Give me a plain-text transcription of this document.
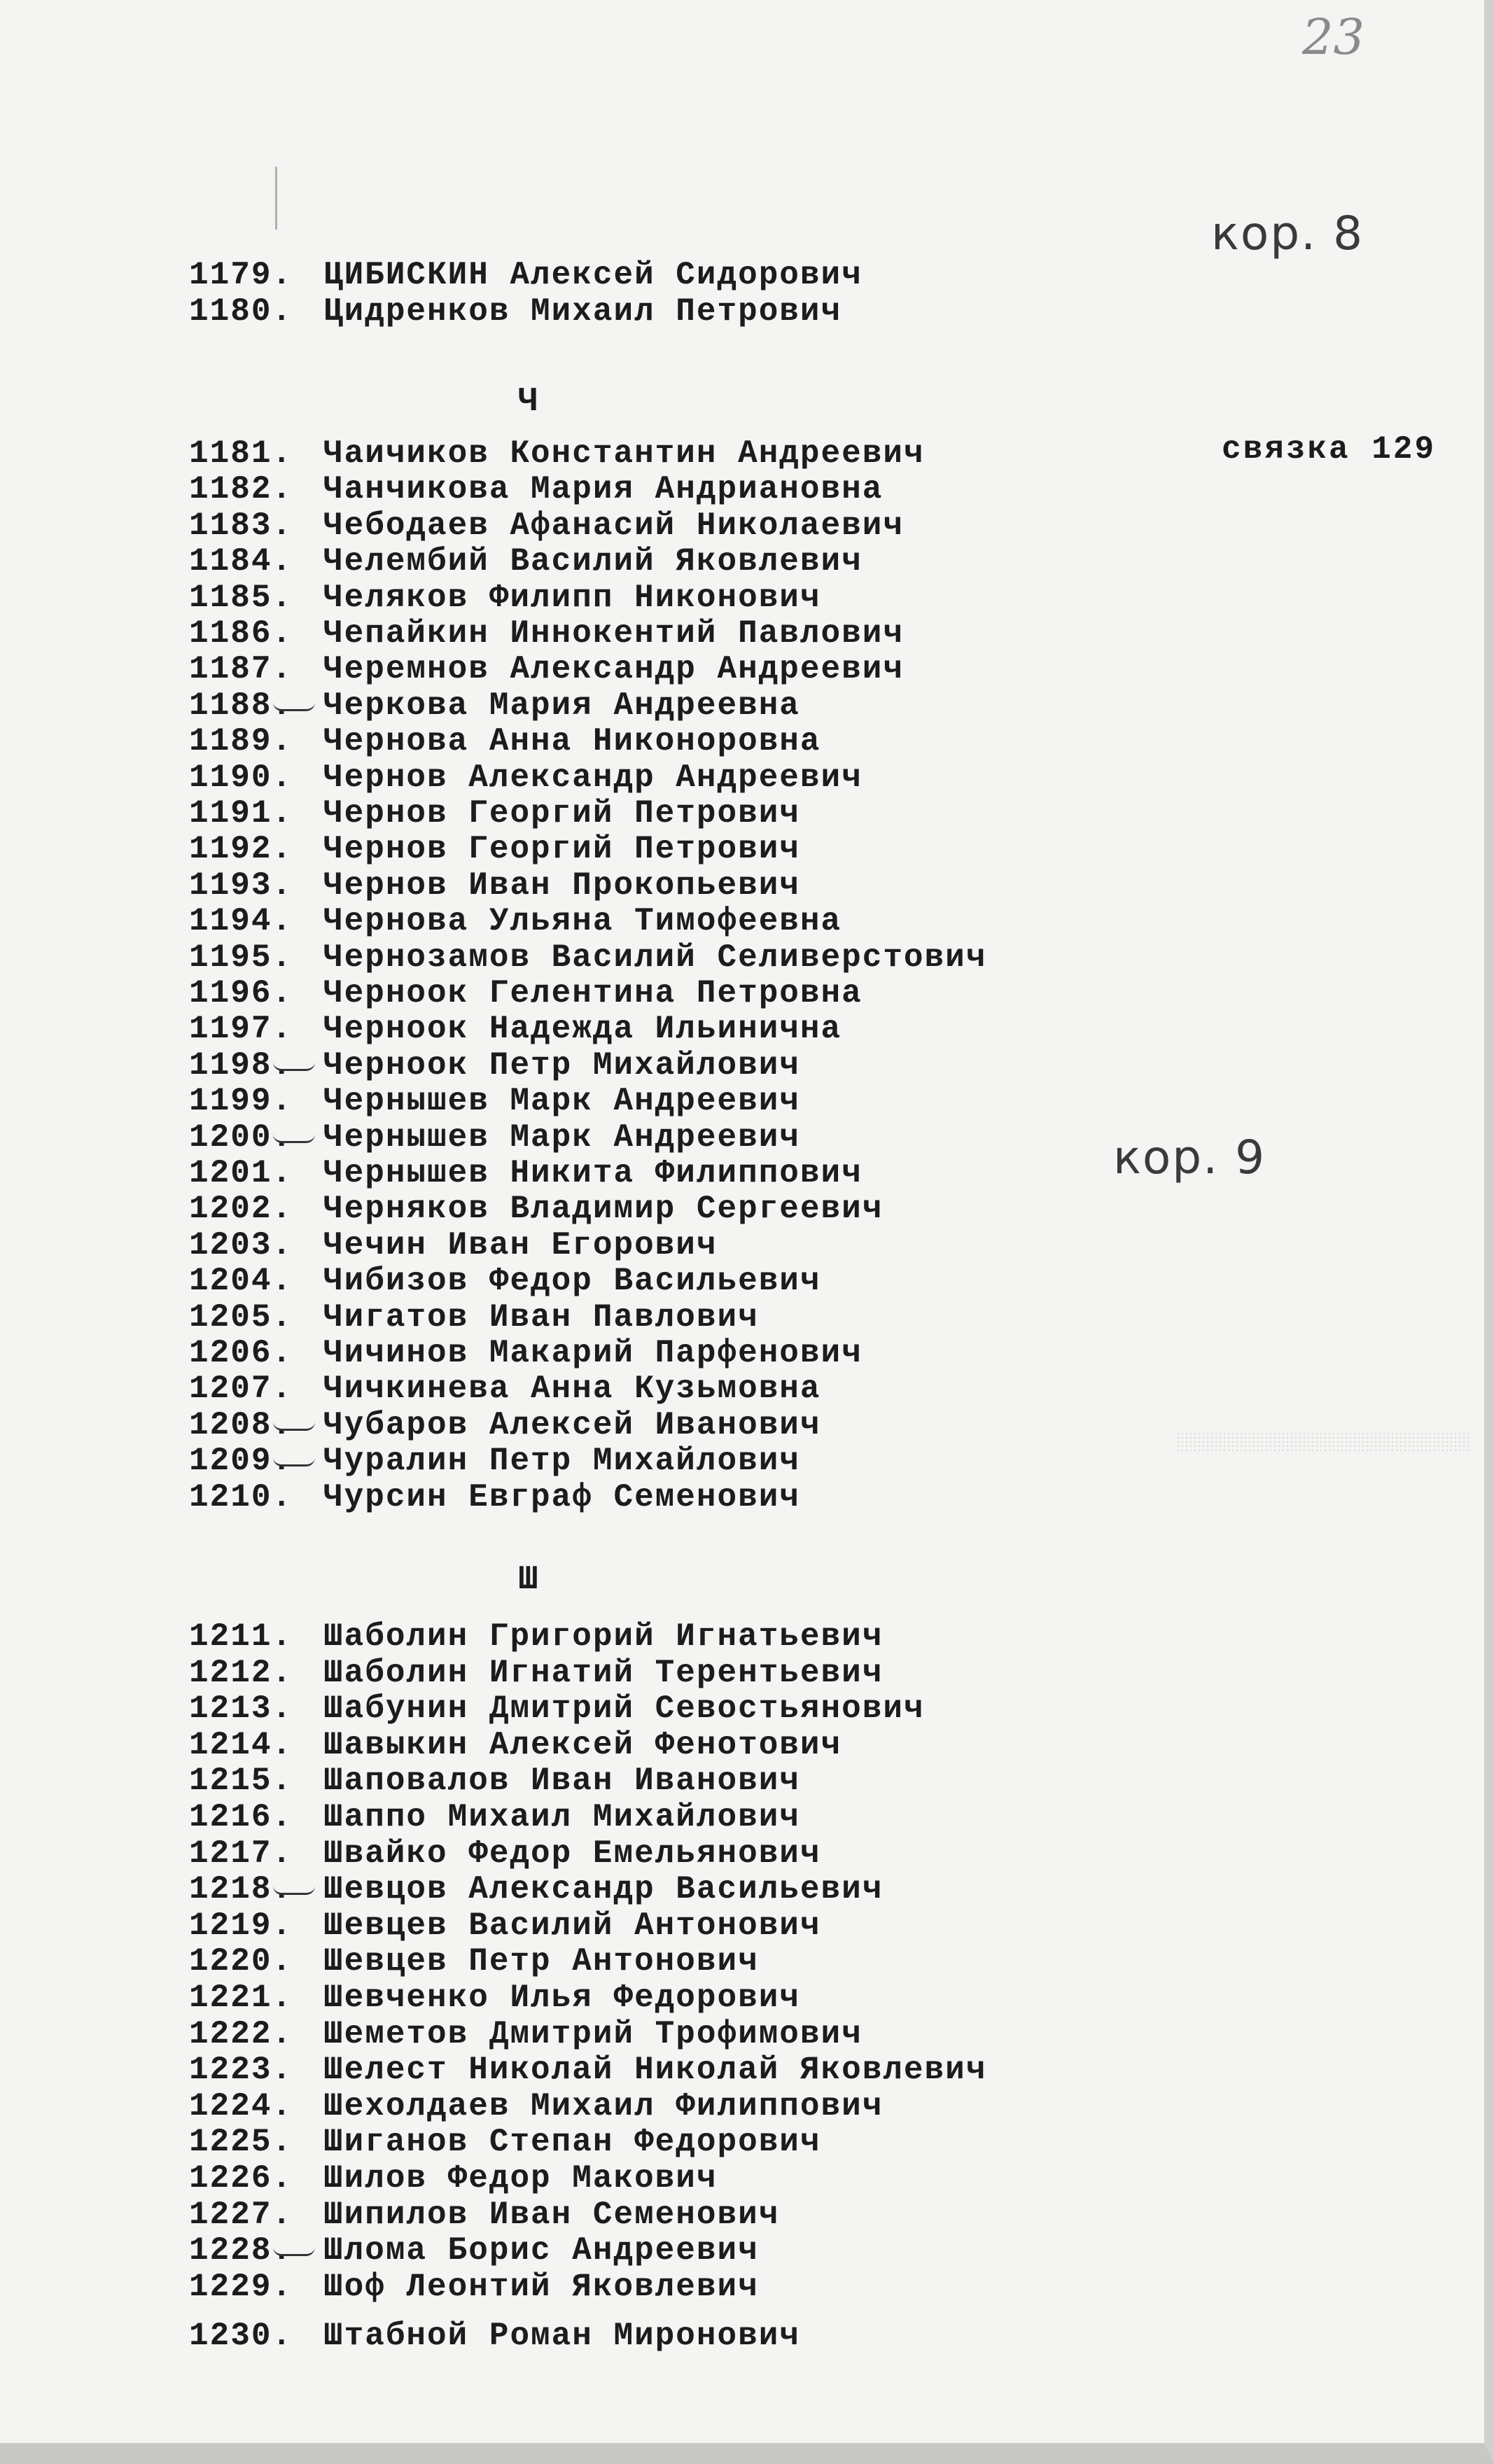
23
кор. 8
кор. 9
связка 129
Ч
Ш
1179. ЦИБИСКИН Алексей Сидорович
1180. Цидренков Михаил Петрович
1181. Чаичиков Константин Андреевич
1182. Чанчикова Мария Андриановна
1183. Чебодаев Афанасий Николаевич
1184. Челембий Василий Яковлевич
1185. Челяков Филипп Никонович
1186. Чепайкин Иннокентий Павлович
1187. Черемнов Александр Андреевич
1188. Черкова Мария Андреевна
1189. Чернова Анна Никоноровна
1190. Чернов Александр Андреевич
1191. Чернов Георгий Петрович
1192. Чернов Георгий Петрович
1193. Чернов Иван Прокопьевич
1194. Чернова Ульяна Тимофеевна
1195. Чернозамов Василий Селиверстович
1196. Черноок Гелентина Петровна
1197. Черноок Надежда Ильинична
1198. Черноок Петр Михайлович
1199. Чернышев Марк Андреевич
1200. Чернышев Марк Андреевич
1201. Чернышев Никита Филиппович
1202. Черняков Владимир Сергеевич
1203. Чечин Иван Егорович
1204. Чибизов Федор Васильевич
1205. Чигатов Иван Павлович
1206. Чичинов Макарий Парфенович
1207. Чичкинева Анна Кузьмовна
1208. Чубаров Алексей Иванович
1209. Чуралин Петр Михайлович
1210. Чурсин Евграф Семенович
1211. Шаболин Григорий Игнатьевич
1212. Шаболин Игнатий Терентьевич
1213. Шабунин Дмитрий Севостьянович
1214. Шавыкин Алексей Фенотович
1215. Шаповалов Иван Иванович
1216. Шаппо Михаил Михайлович
1217. Швайко Федор Емельянович
1218. Шевцов Александр Васильевич
1219. Шевцев Василий Антонович
1220. Шевцев Петр Антонович
1221. Шевченко Илья Федорович
1222. Шеметов Дмитрий Трофимович
1223. Шелест Николай Николай Яковлевич
1224. Шехолдаев Михаил Филиппович
1225. Шиганов Степан Федорович
1226. Шилов Федор Макович
1227. Шипилов Иван Семенович
1228. Шлома Борис Андреевич
1229. Шоф Леонтий Яковлевич
1230. Штабной Роман Миронович
